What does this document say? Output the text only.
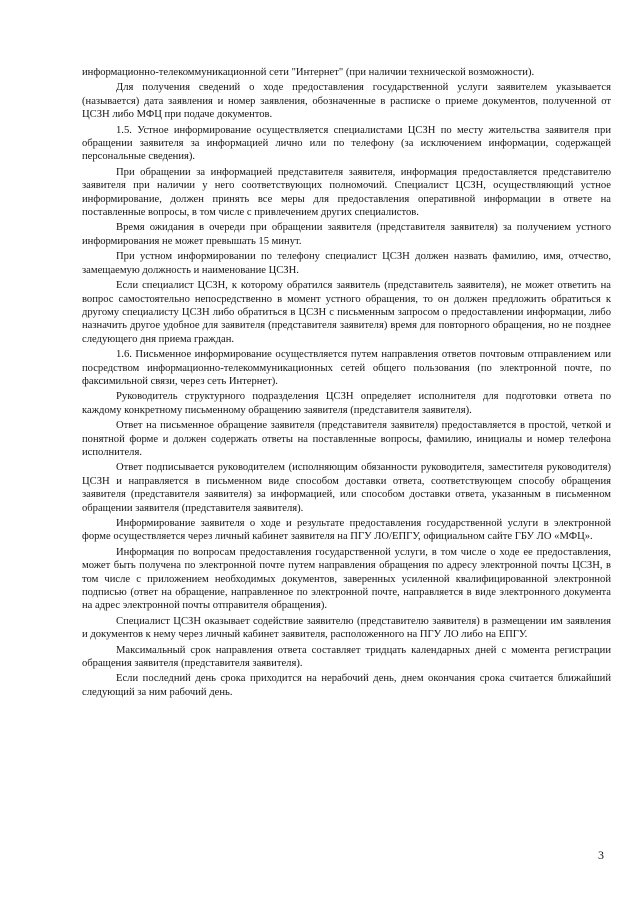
информационно-телекоммуникационной сети "Интернет" (при наличии технической возможности).

Для получения сведений о ходе предоставления государственной услуги заявителем указывается (называется) дата заявления и номер заявления, обозначенные в расписке о приеме документов, полученной от ЦСЗН либо МФЦ при подаче документов.

1.5. Устное информирование осуществляется специалистами ЦСЗН по месту жительства заявителя при обращении заявителя за информацией лично или по телефону (за исключением информации, содержащей персональные сведения).

При обращении за информацией представителя заявителя, информация предоставляется представителю заявителя при наличии у него соответствующих полномочий. Специалист ЦСЗН, осуществляющий устное информирование, должен принять все меры для предоставления оперативной информации в ответе на поставленные вопросы, в том числе с привлечением других специалистов.

Время ожидания в очереди при обращении заявителя (представителя заявителя) за получением устного информирования не может превышать 15 минут.

При устном информировании по телефону специалист ЦСЗН должен назвать фамилию, имя, отчество, замещаемую должность и наименование ЦСЗН.

Если специалист ЦСЗН, к которому обратился заявитель (представитель заявителя), не может ответить на вопрос самостоятельно непосредственно в момент устного обращения, то он должен предложить обратиться к другому специалисту ЦСЗН либо обратиться в ЦСЗН с письменным запросом о предоставлении информации, либо назначить другое удобное для заявителя (представителя заявителя) время для повторного обращения, но не позднее следующего дня приема граждан.

1.6. Письменное информирование осуществляется путем направления ответов почтовым отправлением или посредством информационно-телекоммуникационных сетей общего пользования (по электронной почте, по факсимильной связи, через сеть Интернет).

Руководитель структурного подразделения ЦСЗН определяет исполнителя для подготовки ответа по каждому конкретному письменному обращению заявителя (представителя заявителя).

Ответ на письменное обращение заявителя (представителя заявителя) предоставляется в простой, четкой и понятной форме и должен содержать ответы на поставленные вопросы, фамилию, инициалы и номер телефона исполнителя.

Ответ подписывается руководителем (исполняющим обязанности руководителя, заместителя руководителя) ЦСЗН и направляется в письменном виде способом доставки ответа, соответствующем способу обращения заявителя (представителя заявителя) за информацией, или способом доставки ответа, указанным в письменном обращении заявителя (представителя заявителя).

Информирование заявителя о ходе и результате предоставления государственной услуги в электронной форме осуществляется через личный кабинет заявителя на ПГУ ЛО/ЕПГУ, официальном сайте ГБУ ЛО «МФЦ».

Информация по вопросам предоставления государственной услуги, в том числе о ходе ее предоставления, может быть получена по электронной почте путем направления обращения по адресу электронной почты ЦСЗН, в том числе с приложением необходимых документов, заверенных усиленной квалифицированной электронной подписью (ответ на обращение, направленное по электронной почте, направляется в виде электронного документа на адрес электронной почты отправителя обращения).

Специалист ЦСЗН оказывает содействие заявителю (представителю заявителя) в размещении им заявления и документов к нему через личный кабинет заявителя, расположенного на ПГУ ЛО либо на ЕПГУ.

Максимальный срок направления ответа составляет тридцать календарных дней с момента регистрации обращения заявителя (представителя заявителя).

Если последний день срока приходится на нерабочий день, днем окончания срока считается ближайший следующий за ним рабочий день.

3
